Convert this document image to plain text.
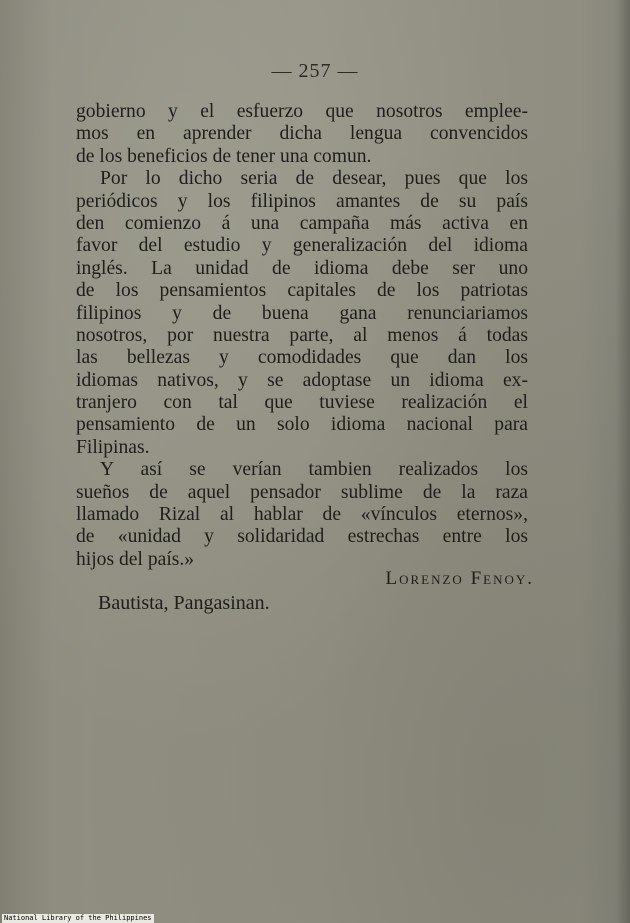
— 257 —
gobierno y el esfuerzo que nosotros emplee-
mos en aprender dicha lengua convencidos
de los beneficios de tener una comun.
Por lo dicho seria de desear, pues que los
periódicos y los filipinos amantes de su país
den comienzo á una campaña más activa en
favor del estudio y generalización del idioma
inglés. La unidad de idioma debe ser uno
de los pensamientos capitales de los patriotas
filipinos y de buena gana renunciariamos
nosotros, por nuestra parte, al menos á todas
las bellezas y comodidades que dan los
idiomas nativos, y se adoptase un idioma ex-
tranjero con tal que tuviese realización el
pensamiento de un solo idioma nacional para
Filipinas.
Y así se verían tambien realizados los
sueños de aquel pensador sublime de la raza
llamado Rizal al hablar de «vínculos eternos»,
de «unidad y solidaridad estrechas entre los
hijos del país.»
Lorenzo Fenoy.
Bautista, Pangasinan.
National Library of the Philippines
